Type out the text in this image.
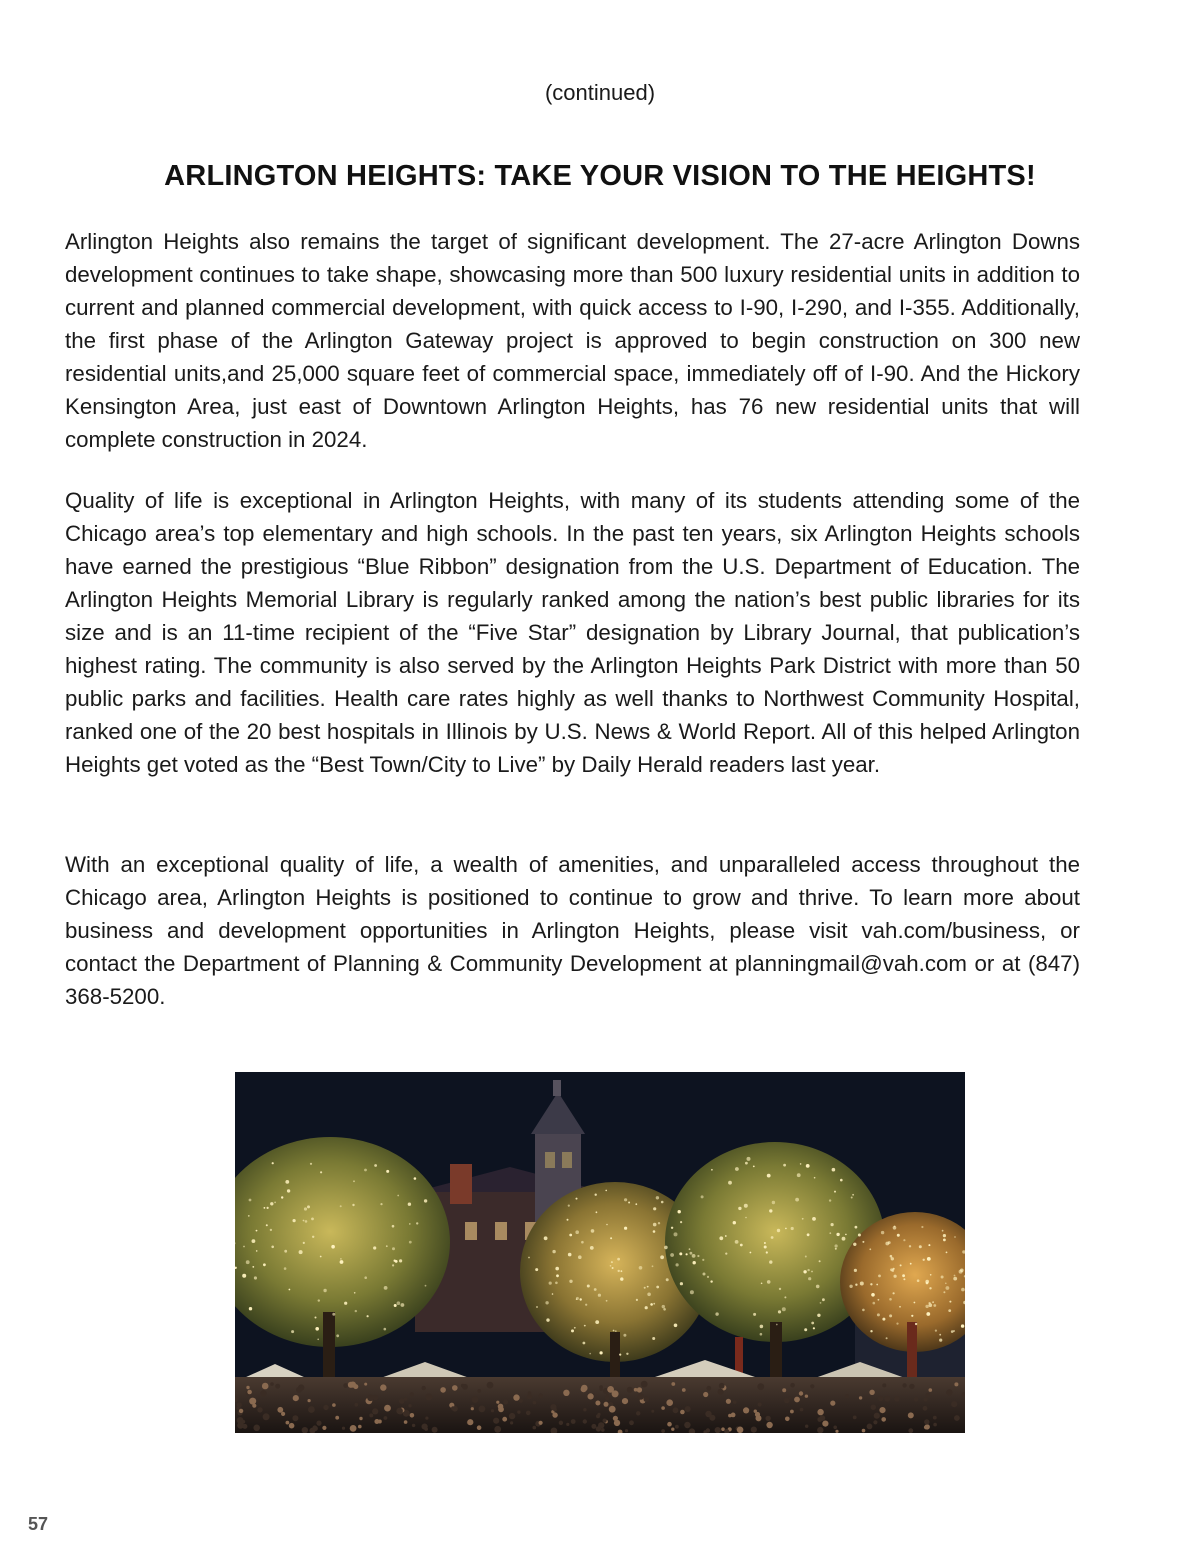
(continued)
ARLINGTON HEIGHTS: TAKE YOUR VISION TO THE HEIGHTS!

Arlington Heights also remains the target of significant development. The 27-acre Arlington Downs development continues to take shape, showcasing more than 500 luxury residential units in addition to current and planned commercial development, with quick access to I-90, I-290, and I-355. Additionally, the first phase of the Arlington Gateway project is approved to begin construction on 300 new residential units,and 25,000 square feet of commercial space, immediately off of I-90. And the Hickory Kensington Area, just east of Downtown Arlington Heights, has 76 new residential units that will complete construction in 2024.

Quality of life is exceptional in Arlington Heights, with many of its students attending some of the Chicago area’s top elementary and high schools. In the past ten years, six Arlington Heights schools have earned the prestigious “Blue Ribbon” designation from the U.S. Department of Education. The Arlington Heights Memorial Library is regularly ranked among the nation’s best public libraries for its size and is an 11-time recipient of the “Five Star” designation by Library Journal, that publication’s highest rating. The community is also served by the Arlington Heights Park District with more than 50 public parks and facilities. Health care rates highly as well thanks to Northwest Community Hospital, ranked one of the 20 best hospitals in Illinois by U.S. News & World Report. All of this helped Arlington Heights get voted as the “Best Town/City to Live” by Daily Herald readers last year.

With an exceptional quality of life, a wealth of amenities, and unparalleled access throughout the Chicago area, Arlington Heights is positioned to continue to grow and thrive. To learn more about business and development opportunities in Arlington Heights, please visit vah.com/business, or contact the Department of Planning & Community Development at planningmail@vah.com or at (847) 368-5200.

57
